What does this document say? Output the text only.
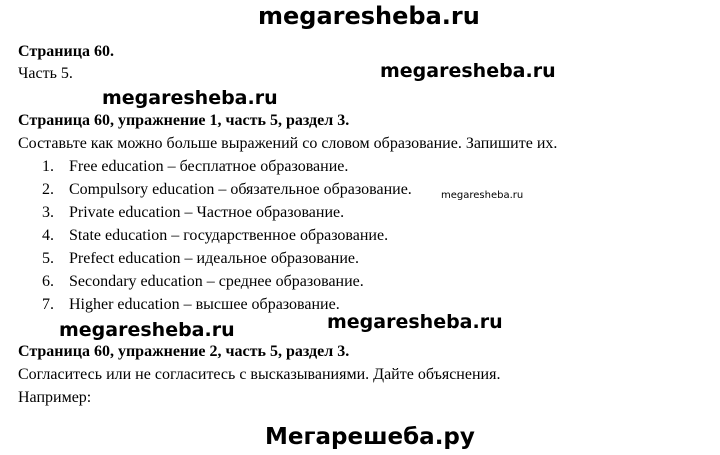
megaresheba.ru
megaresheba.ru
megaresheba.ru
megaresheba.ru
megaresheba.ru	megaresheba.ru
Мегарешеба.ру
Страница 60.
Часть 5.
Страница 60, упражнение 1, часть 5, раздел 3.
Составьте как можно больше выражений со словом образование. Запишите их.
1. Free education – бесплатное образование.
2. Compulsory education – обязательное образование.
3. Private education – Частное образование.
4. State education – государственное образование.
5. Prefect education – идеальное образование.
6. Secondary education – среднее образование.
7. Higher education – высшее образование.
Страница 60, упражнение 2, часть 5, раздел 3.
Согласитесь или не согласитесь с высказываниями. Дайте объяснения.
Например:
